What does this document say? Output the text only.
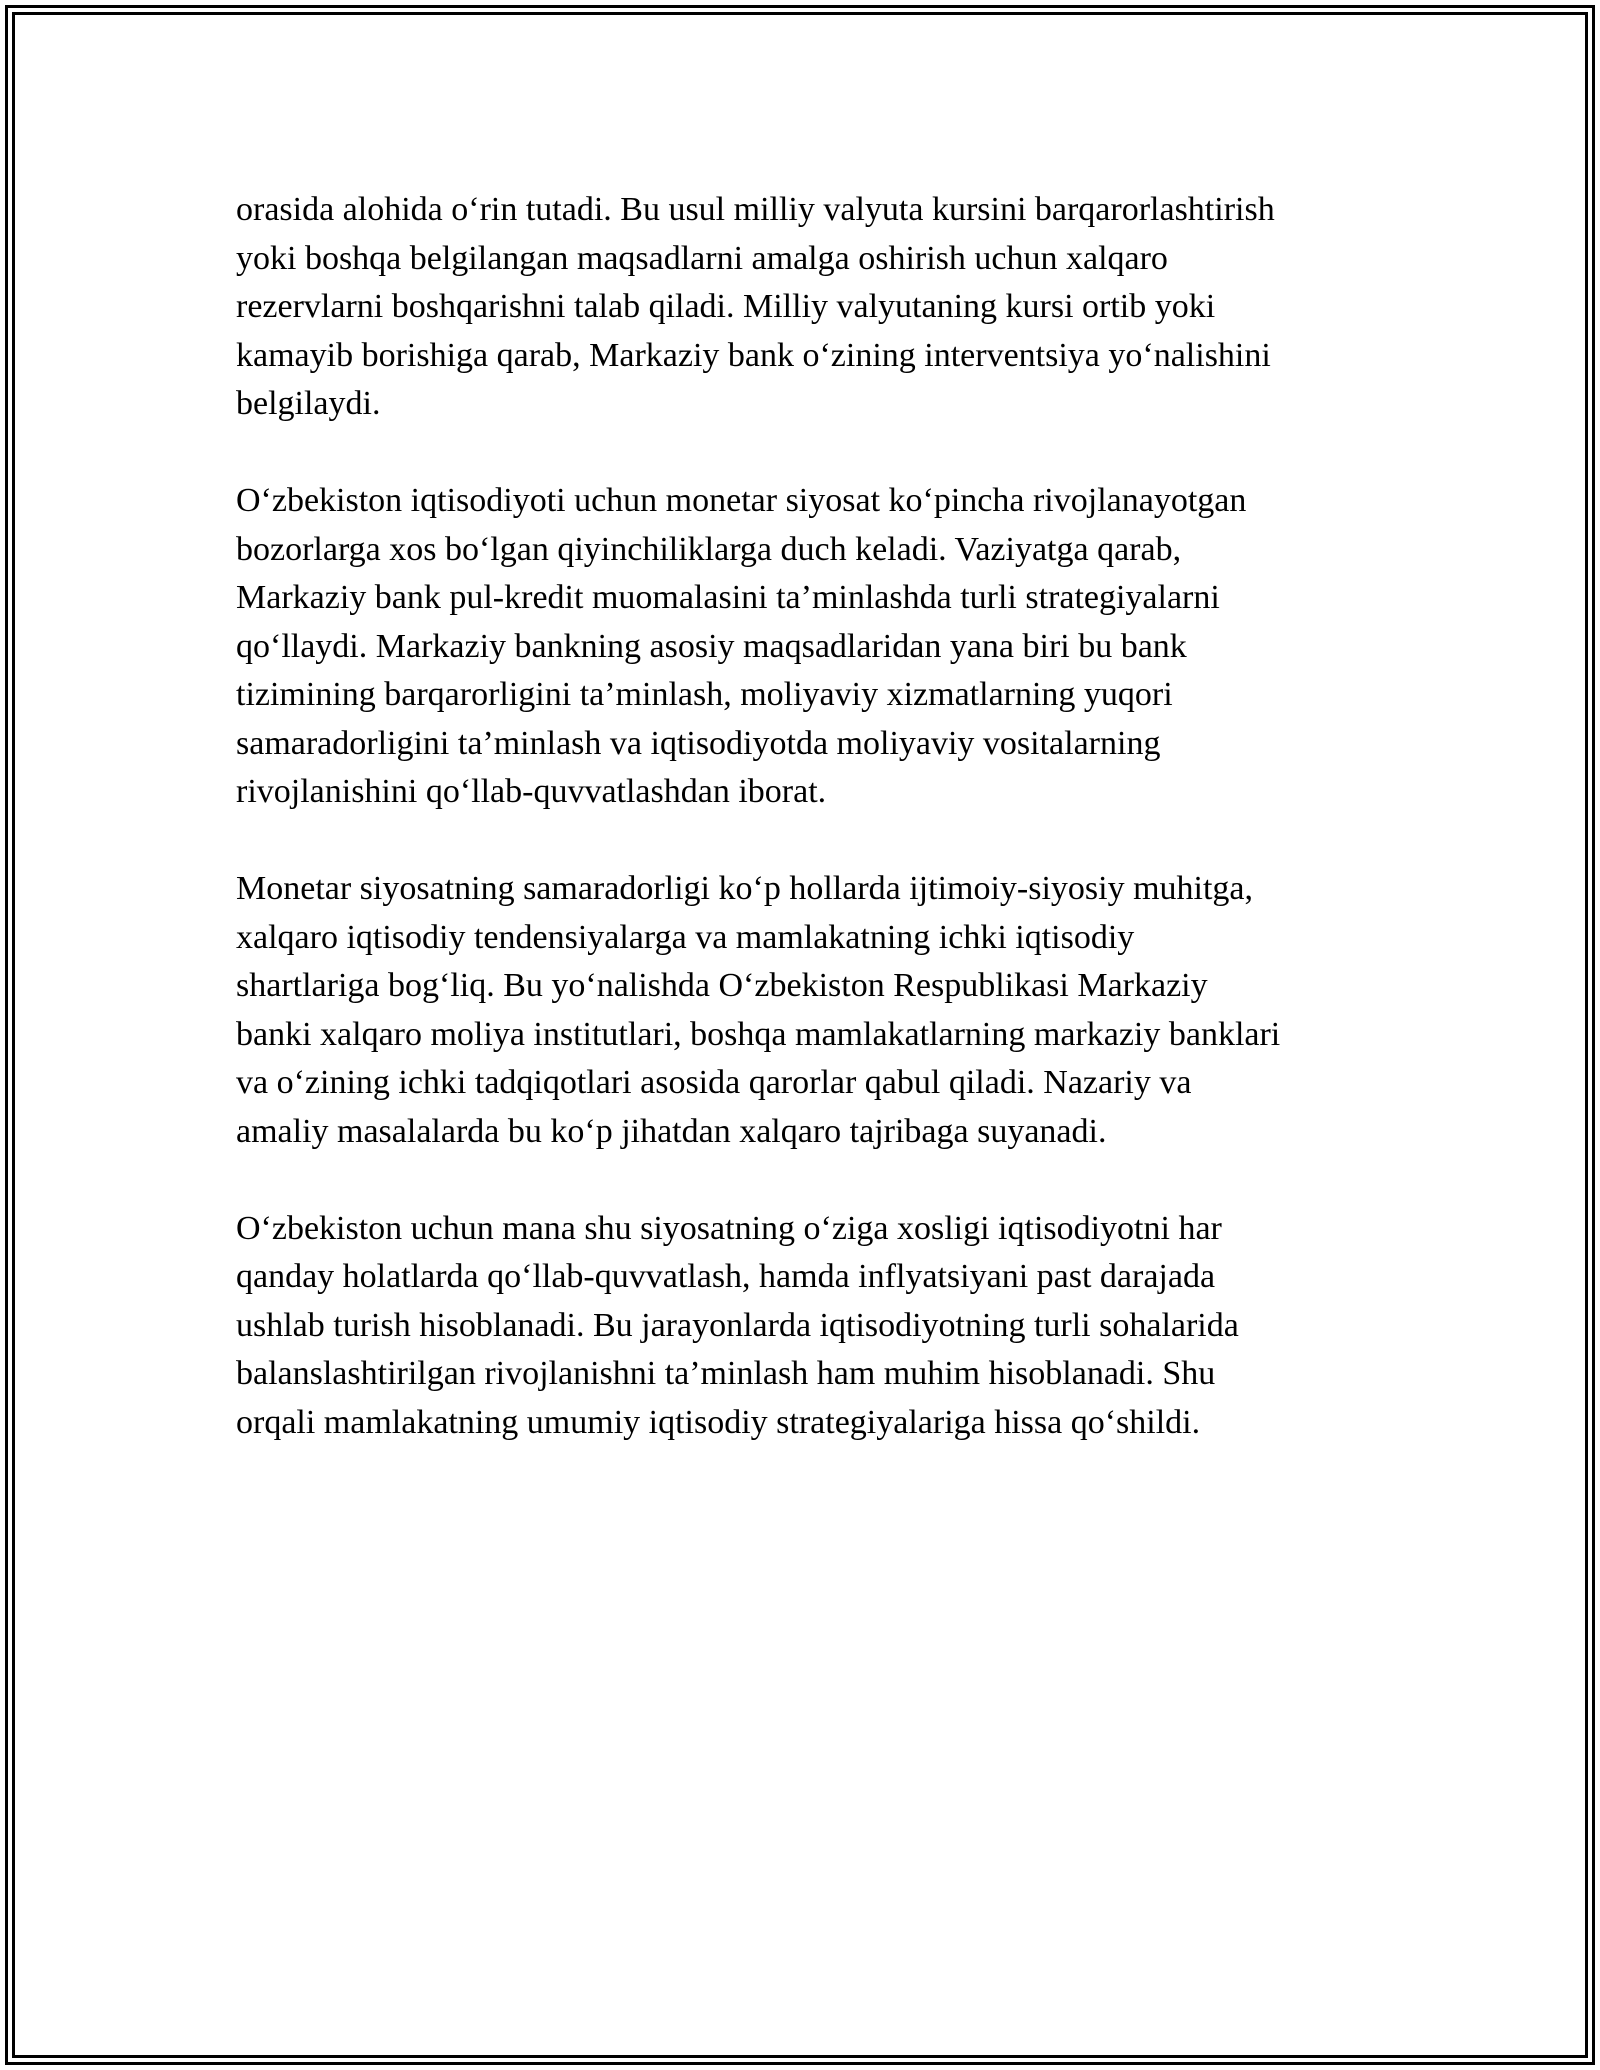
orasida alohida o‘rin tutadi. Bu usul milliy valyuta kursini barqarorlashtirish
yoki boshqa belgilangan maqsadlarni amalga oshirish uchun xalqaro
rezervlarni boshqarishni talab qiladi. Milliy valyutaning kursi ortib yoki
kamayib borishiga qarab, Markaziy bank o‘zining interventsiya yo‘nalishini
belgilaydi.

O‘zbekiston iqtisodiyoti uchun monetar siyosat ko‘pincha rivojlanayotgan
bozorlarga xos bo‘lgan qiyinchiliklarga duch keladi. Vaziyatga qarab,
Markaziy bank pul-kredit muomalasini ta’minlashda turli strategiyalarni
qo‘llaydi. Markaziy bankning asosiy maqsadlaridan yana biri bu bank
tizimining barqarorligini ta’minlash, moliyaviy xizmatlarning yuqori
samaradorligini ta’minlash va iqtisodiyotda moliyaviy vositalarning
rivojlanishini qo‘llab-quvvatlashdan iborat.

Monetar siyosatning samaradorligi ko‘p hollarda ijtimoiy-siyosiy muhitga,
xalqaro iqtisodiy tendensiyalarga va mamlakatning ichki iqtisodiy
shartlariga bog‘liq. Bu yo‘nalishda O‘zbekiston Respublikasi Markaziy
banki xalqaro moliya institutlari, boshqa mamlakatlarning markaziy banklari
va o‘zining ichki tadqiqotlari asosida qarorlar qabul qiladi. Nazariy va
amaliy masalalarda bu ko‘p jihatdan xalqaro tajribaga suyanadi.

O‘zbekiston uchun mana shu siyosatning o‘ziga xosligi iqtisodiyotni har
qanday holatlarda qo‘llab-quvvatlash, hamda inflyatsiyani past darajada
ushlab turish hisoblanadi. Bu jarayonlarda iqtisodiyotning turli sohalarida
balanslashtirilgan rivojlanishni ta’minlash ham muhim hisoblanadi. Shu
orqali mamlakatning umumiy iqtisodiy strategiyalariga hissa qo‘shildi.
